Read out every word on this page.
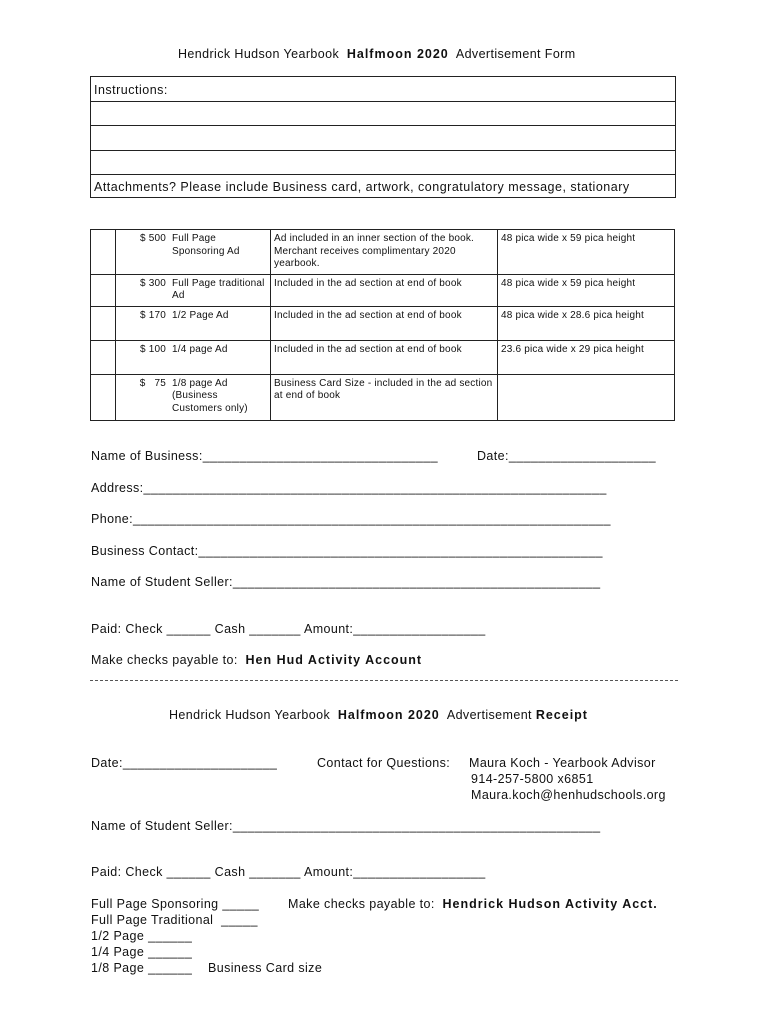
Hendrick Hudson Yearbook Halfmoon 2020 Advertisement Form
Instructions:
Attachments? Please include Business card, artwork, congratulatory message, stationary
	$ 500	Full Page Sponsoring Ad	Ad included in an inner section of the book. Merchant receives complimentary 2020 yearbook.	48 pica wide x 59 pica height
	$ 300	Full Page traditional Ad	Included in the ad section at end of book	48 pica wide x 59 pica height
	$ 170	1/2 Page Ad	Included in the ad section at end of book	48 pica wide x 28.6 pica height
	$ 100	1/4 page Ad	Included in the ad section at end of book	23.6 pica wide x 29 pica height
	$   75	1/8 page Ad (Business Customers only)	Business Card Size - included in the ad section at end of book	
Name of Business:________________________________	Date:____________________
Address:_______________________________________________________________
Phone:_________________________________________________________________
Business Contact:_______________________________________________________
Name of Student Seller:__________________________________________________
Paid: Check ______ Cash _______ Amount:__________________
Make checks payable to: Hen Hud Activity Account
Hendrick Hudson Yearbook Halfmoon 2020 Advertisement Receipt
Date:_____________________	Contact for Questions: Maura Koch - Yearbook Advisor
914-257-5800 x6851
Maura.koch@henhudschools.org
Name of Student Seller:__________________________________________________
Paid: Check ______ Cash _______ Amount:__________________
Full Page Sponsoring _____
Full Page Traditional  _____
1/2 Page ______
1/4 Page ______
1/8 Page ______ Business Card size
Make checks payable to: Hendrick Hudson Activity Acct.
